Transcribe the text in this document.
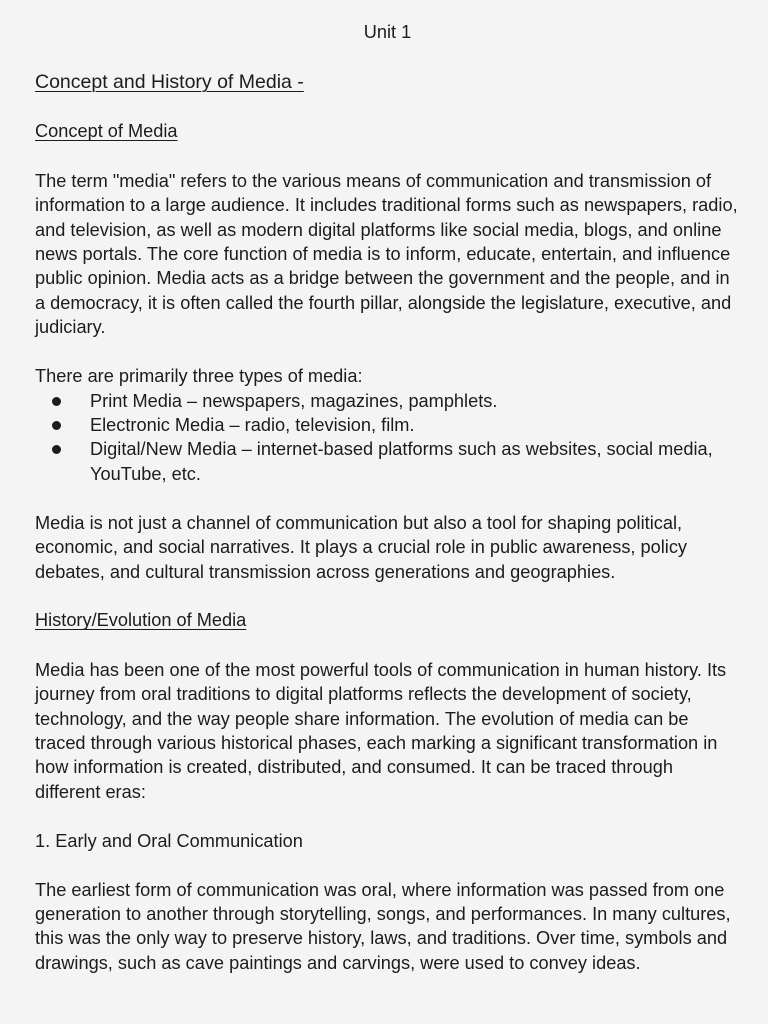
Unit 1
Concept and History of Media -
Concept of Media

The term "media" refers to the various means of communication and transmission of information to a large audience. It includes traditional forms such as newspapers, radio, and television, as well as modern digital platforms like social media, blogs, and online news portals. The core function of media is to inform, educate, entertain, and influence public opinion. Media acts as a bridge between the government and the people, and in a democracy, it is often called the fourth pillar, alongside the legislature, executive, and judiciary.

There are primarily three types of media:

Print Media – newspapers, magazines, pamphlets.
Electronic Media – radio, television, film.
Digital/New Media – internet-based platforms such as websites, social media, YouTube, etc.

Media is not just a channel of communication but also a tool for shaping political, economic, and social narratives. It plays a crucial role in public awareness, policy debates, and cultural transmission across generations and geographies.

History/Evolution of Media

Media has been one of the most powerful tools of communication in human history. Its journey from oral traditions to digital platforms reflects the development of society, technology, and the way people share information. The evolution of media can be traced through various historical phases, each marking a significant transformation in how information is created, distributed, and consumed. It can be traced through different eras:

1. Early and Oral Communication

The earliest form of communication was oral, where information was passed from one generation to another through storytelling, songs, and performances. In many cultures, this was the only way to preserve history, laws, and traditions. Over time, symbols and drawings, such as cave paintings and carvings, were used to convey ideas.
